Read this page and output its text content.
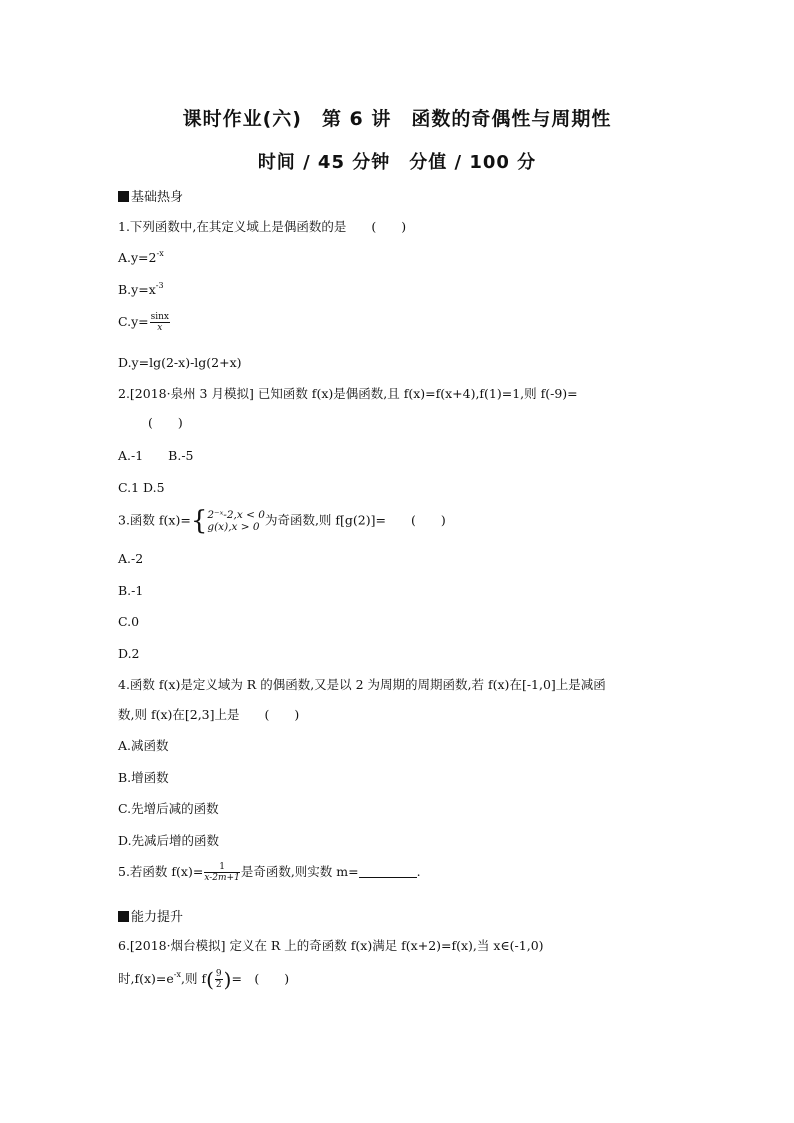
课时作业(六)　第 6 讲　函数的奇偶性与周期性
时间 / 45 分钟　分值 / 100 分
基础热身
1.下列函数中,在其定义域上是偶函数的是　　(　　)
$A.y=2^{-x}$
$B.y=x^{-3}$
$C.y= \frac{\sin x}{x}$
D.y=lg(2-x)-lg(2+x)
2.[2018·泉州 3 月模拟] 已知函数 f(x)是偶函数,且 f(x)=f(x+4),f(1)=1,则 f(-9)=
(　　)
A.-1　　B.-5
C.1 D.5
3.函数 f(x)={ 2⁻ˣ-2,x < 0
g(x),x > 0 为奇函数,则 f[g(2)]=　　(　　)
A.-2
B.-1
C.0
D.2
4.函数 f(x)是定义域为 R 的偶函数,又是以 2 为周期的周期函数,若 f(x)在[-1,0]上是减函
数,则 f(x)在[2,3]上是　　(　　)
A.减函数
B.增函数
C.先增后减的函数
D.先减后增的函数
5.若函数 $f(x)= \frac{1}{x-2m+1}$ 是奇函数,则实数 m=	.
能力提升
6.[2018·烟台模拟] 定义在 R 上的奇函数 f(x)满足 f(x+2)=f(x),当 x∈(-1,0)
时$,f(x)=e^{-x}$,则 $f( \frac{9}{2}$ )=　(　　)
